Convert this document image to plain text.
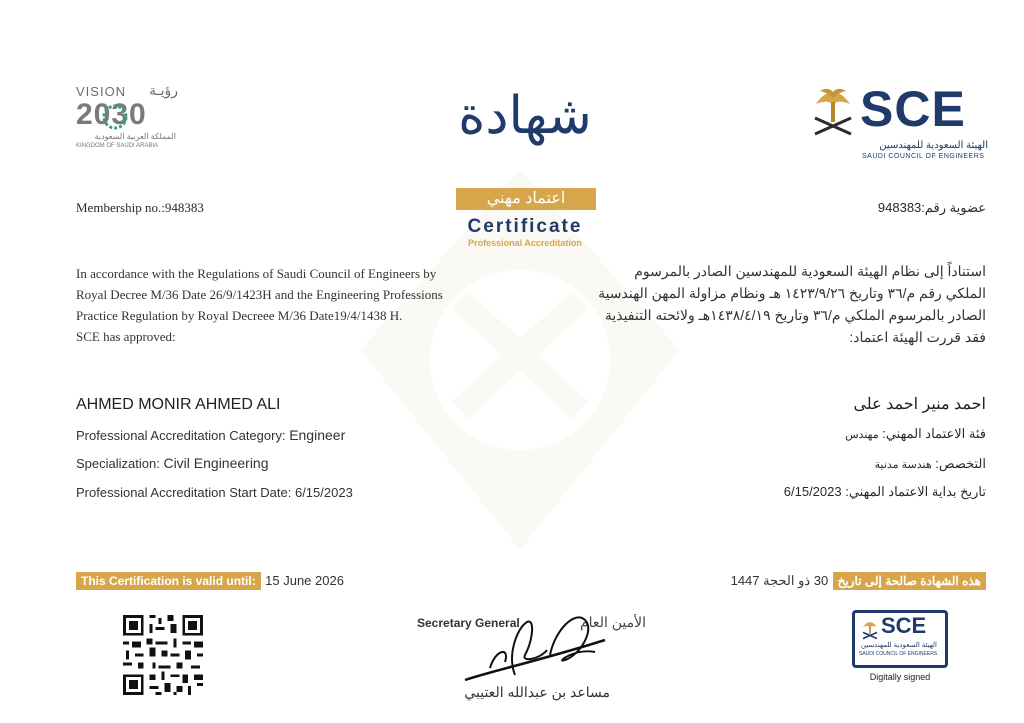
VISION	رؤيـة
2030
المملكة العربية السعودية
KINGDOM OF SAUDI ARABIA
SCE
الهيئة السعودية للمهندسين
SAUDI COUNCIL OF ENGINEERS
شهادة
اعتماد مهني
Certificate
Professional Accreditation
Membership no.:948383	عضوية رقم:948383
In accordance with the Regulations of Saudi Council of Engineers by
Royal Decree M/36 Date 26/9/1423H and the Engineering Professions
Practice Regulation by Royal Decreee M/36 Date19/4/1438 H.
SCE has approved:
استناداً إلى نظام الهيئة السعودية للمهندسين الصادر بالمرسوم
الملكي رقم م/٣٦ وتاريخ ١٤٢٣/٩/٢٦ هـ ونظام مزاولة المهن الهندسية
الصادر بالمرسوم الملكي م/٣٦ وتاريخ ١٤٣٨/٤/١٩هـ ولائحته التنفيذية
فقد قررت الهيئة اعتماد:
AHMED MONIR AHMED ALI	احمد منير احمد على
Professional Accreditation Category: Engineer
Specialization: Civil Engineering
Professional Accreditation Start Date: 6/15/2023
فئة الاعتماد المهني: مهندس
التخصص: هندسة مدنية
تاريخ بداية الاعتماد المهني: 6/15/2023
This Certification is valid until: 15 June 2026	هذه الشهادة صالحة إلى تاريخ 30 ذو الحجة 1447
Secretary General	الأمين العام
مساعد بن عبدالله العتيبي
SCE
الهيئة السعودية للمهندسين
SAUDI COUNCIL OF ENGINEERS
Digitally signed
